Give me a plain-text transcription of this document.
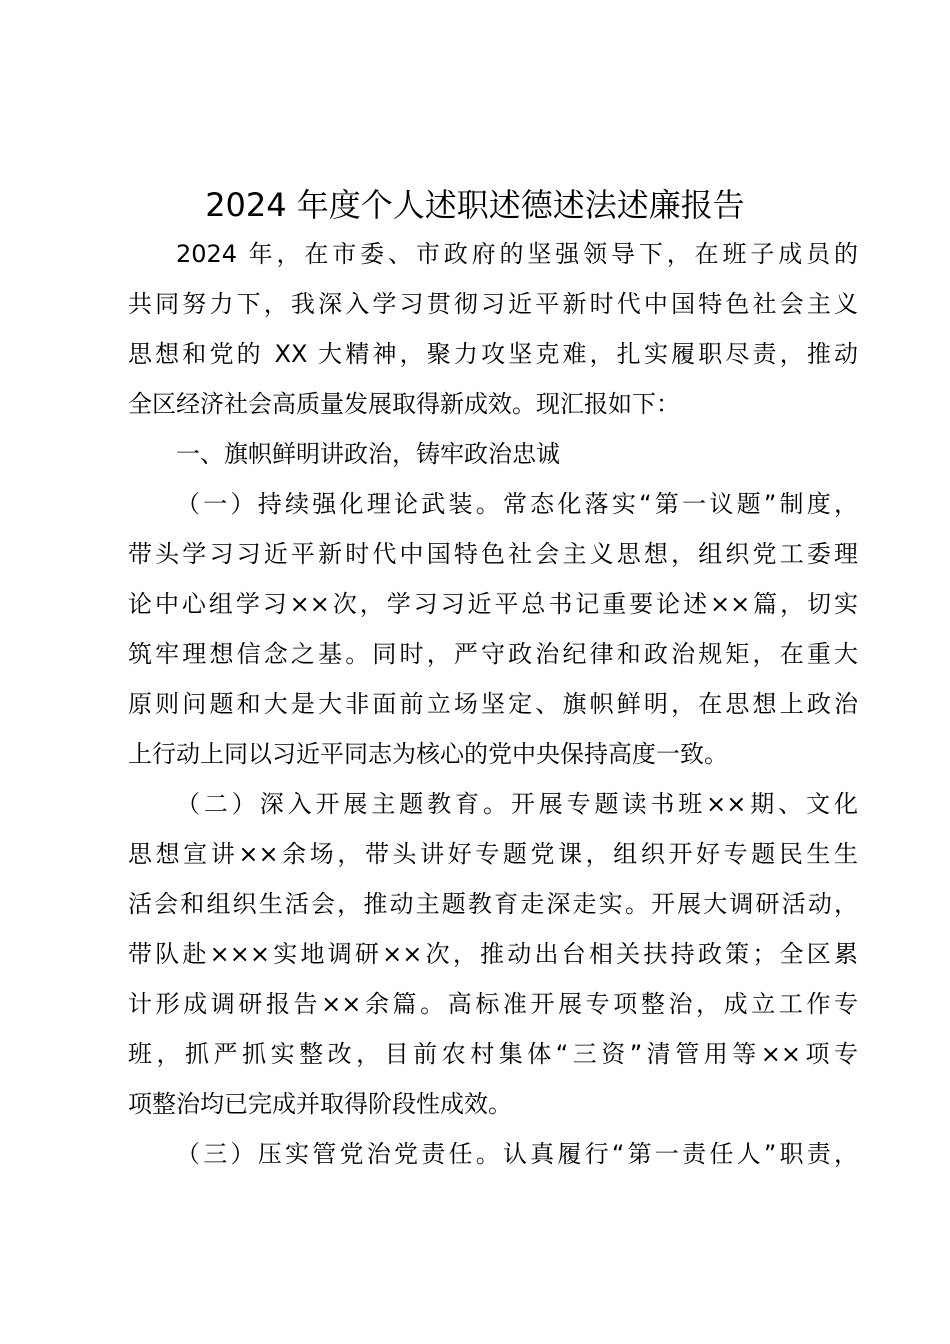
2024 年度个人述职述德述法述廉报告
2024 年，在市委、市政府的坚强领导下，在班子成员的
共同努力下，我深入学习贯彻习近平新时代中国特色社会主义
思想和党的 XX 大精神，聚力攻坚克难，扎实履职尽责，推动
全区经济社会高质量发展取得新成效。现汇报如下：
一、旗帜鲜明讲政治，铸牢政治忠诚
（一）持续强化理论武装。常态化落实“第一议题”制度，
带头学习习近平新时代中国特色社会主义思想，组织党工委理
论中心组学习××次，学习习近平总书记重要论述××篇，切实
筑牢理想信念之基。同时，严守政治纪律和政治规矩，在重大
原则问题和大是大非面前立场坚定、旗帜鲜明，在思想上政治
上行动上同以习近平同志为核心的党中央保持高度一致。
（二）深入开展主题教育。开展专题读书班××期、文化
思想宣讲××余场，带头讲好专题党课，组织开好专题民生生
活会和组织生活会，推动主题教育走深走实。开展大调研活动，
带队赴×××实地调研××次，推动出台相关扶持政策；全区累
计形成调研报告××余篇。高标准开展专项整治，成立工作专
班，抓严抓实整改，目前农村集体“三资”清管用等××项专
项整治均已完成并取得阶段性成效。
（三）压实管党治党责任。认真履行“第一责任人”职责，
